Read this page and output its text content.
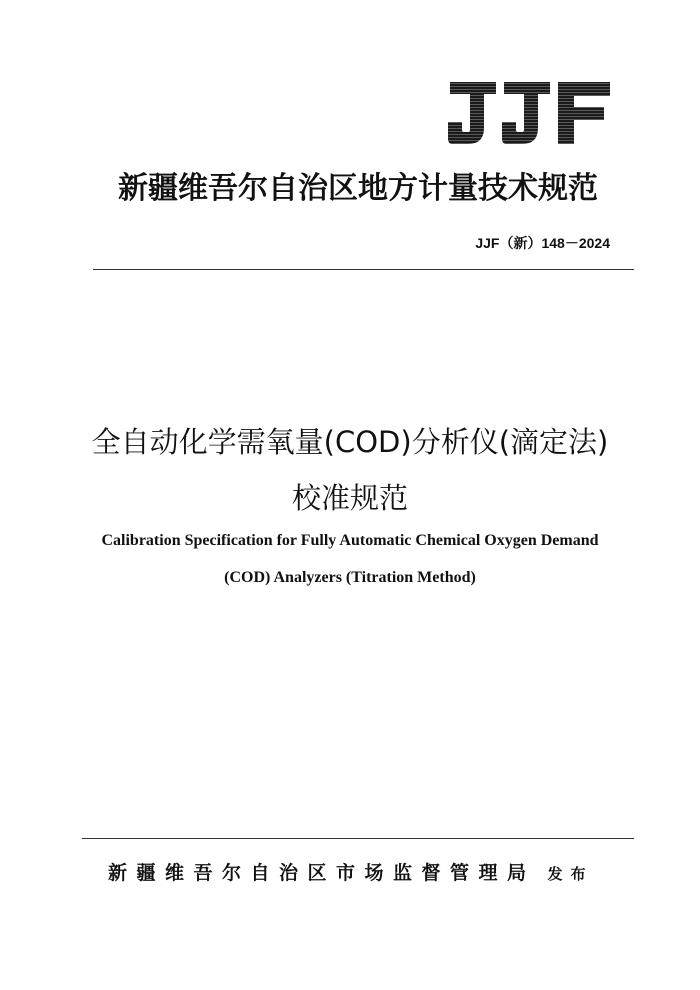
新疆维吾尔自治区地方计量技术规范
JJF（新）148－2024
全自动化学需氧量(COD)分析仪(滴定法)
校准规范
Calibration Specification for Fully Automatic Chemical Oxygen Demand
(COD) Analyzers (Titration Method)
新疆维吾尔自治区市场监督管理局 发布
